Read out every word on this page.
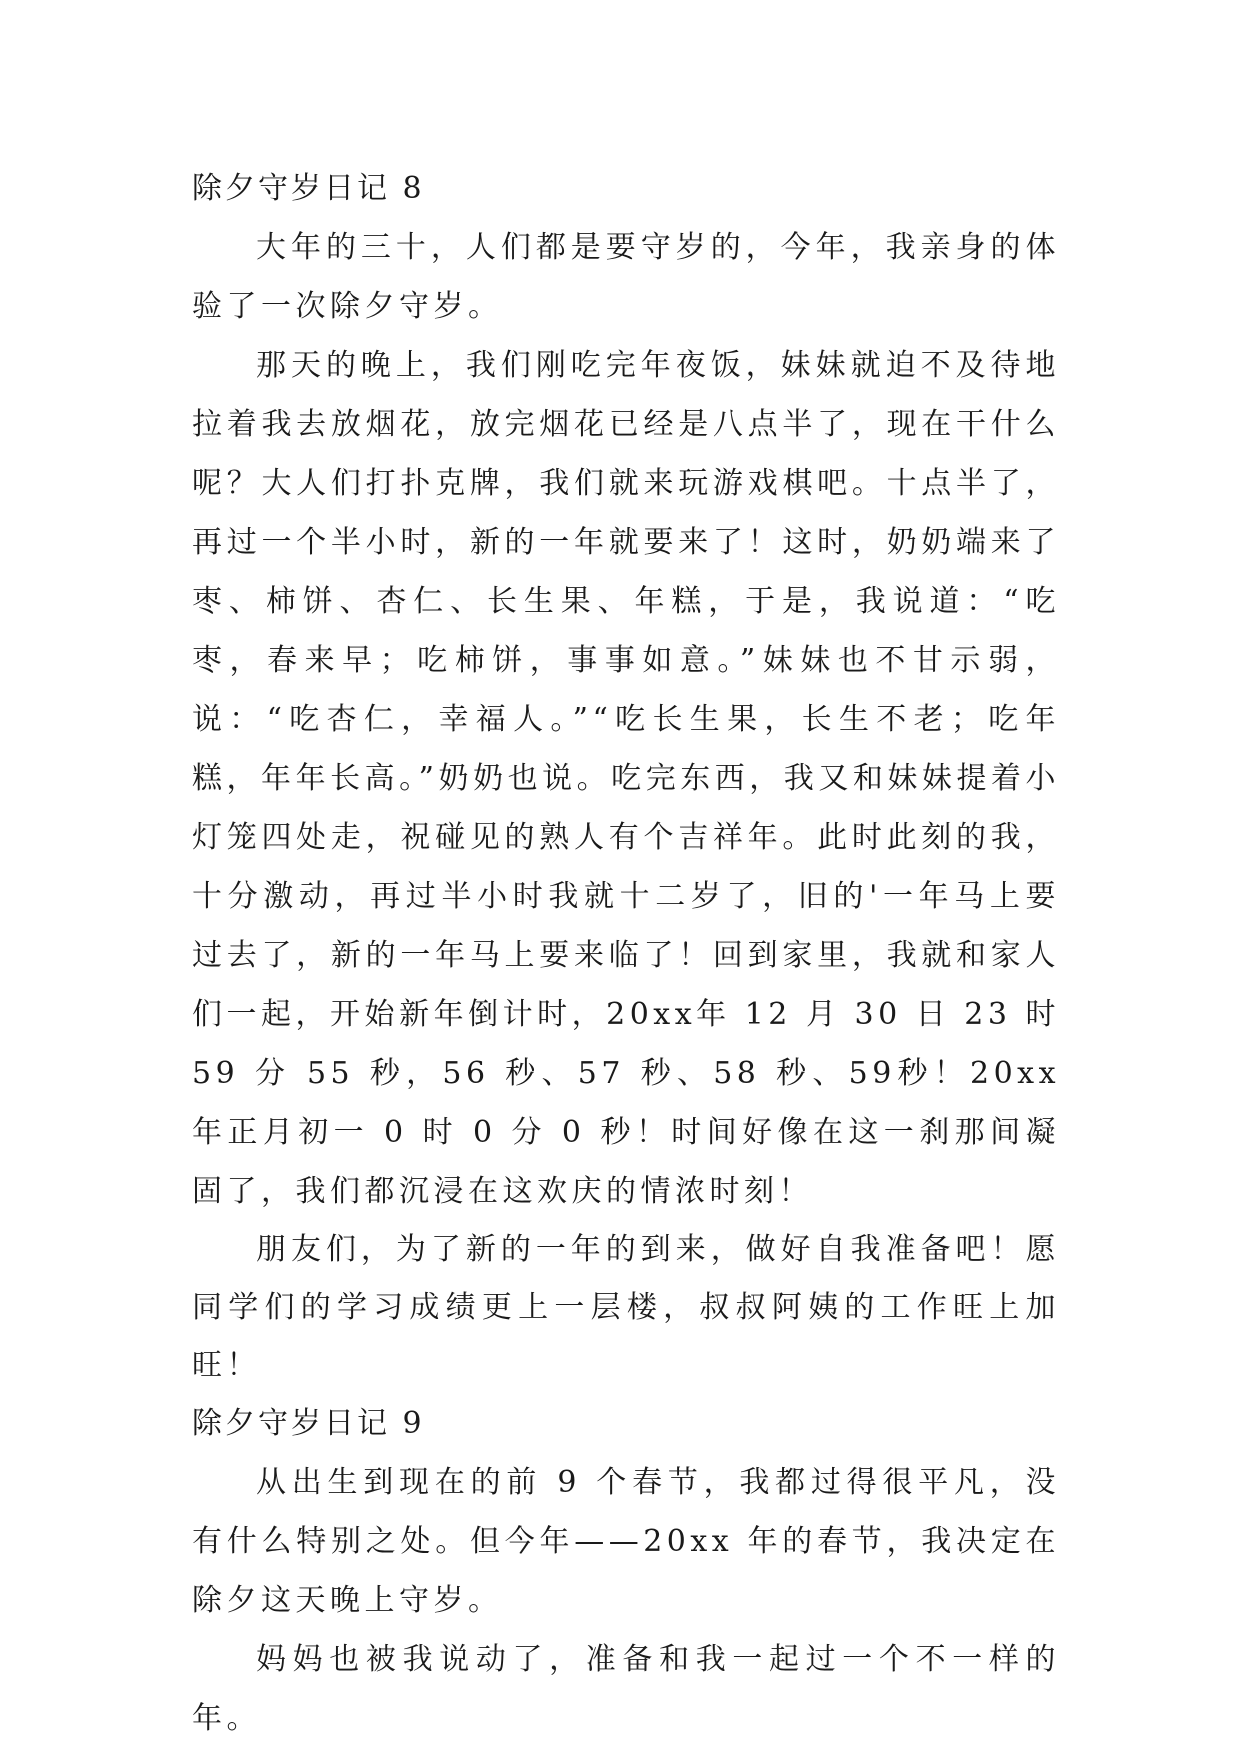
除夕守岁日记 8

大年的三十，人们都是要守岁的，今年，我亲身的体验了一次除夕守岁。

那天的晚上，我们刚吃完年夜饭，妹妹就迫不及待地拉着我去放烟花，放完烟花已经是八点半了，现在干什么呢？大人们打扑克牌，我们就来玩游戏棋吧。十点半了，再过一个半小时，新的一年就要来了！这时，奶奶端来了枣、柿饼、杏仁、长生果、年糕，于是，我说道：“吃枣，春来早；吃柿饼，事事如意。”妹妹也不甘示弱，说：“吃杏仁，幸福人。”“吃长生果，长生不老；吃年糕，年年长高。”奶奶也说。吃完东西，我又和妹妹提着小灯笼四处走，祝碰见的熟人有个吉祥年。此时此刻的我，十分激动，再过半小时我就十二岁了，旧的'一年马上要过去了，新的一年马上要来临了！回到家里，我就和家人们一起，开始新年倒计时，20xx年 12 月 30 日 23 时 59 分 55 秒，56 秒、57 秒、58 秒、59秒！20xx 年正月初一 0 时 0 分 0 秒！时间好像在这一刹那间凝固了，我们都沉浸在这欢庆的情浓时刻！

朋友们，为了新的一年的到来，做好自我准备吧！愿同学们的学习成绩更上一层楼，叔叔阿姨的工作旺上加旺！

除夕守岁日记 9

从出生到现在的前 9 个春节，我都过得很平凡，没有什么特别之处。但今年——20xx 年的春节，我决定在除夕这天晚上守岁。

妈妈也被我说动了，准备和我一起过一个不一样的年。
